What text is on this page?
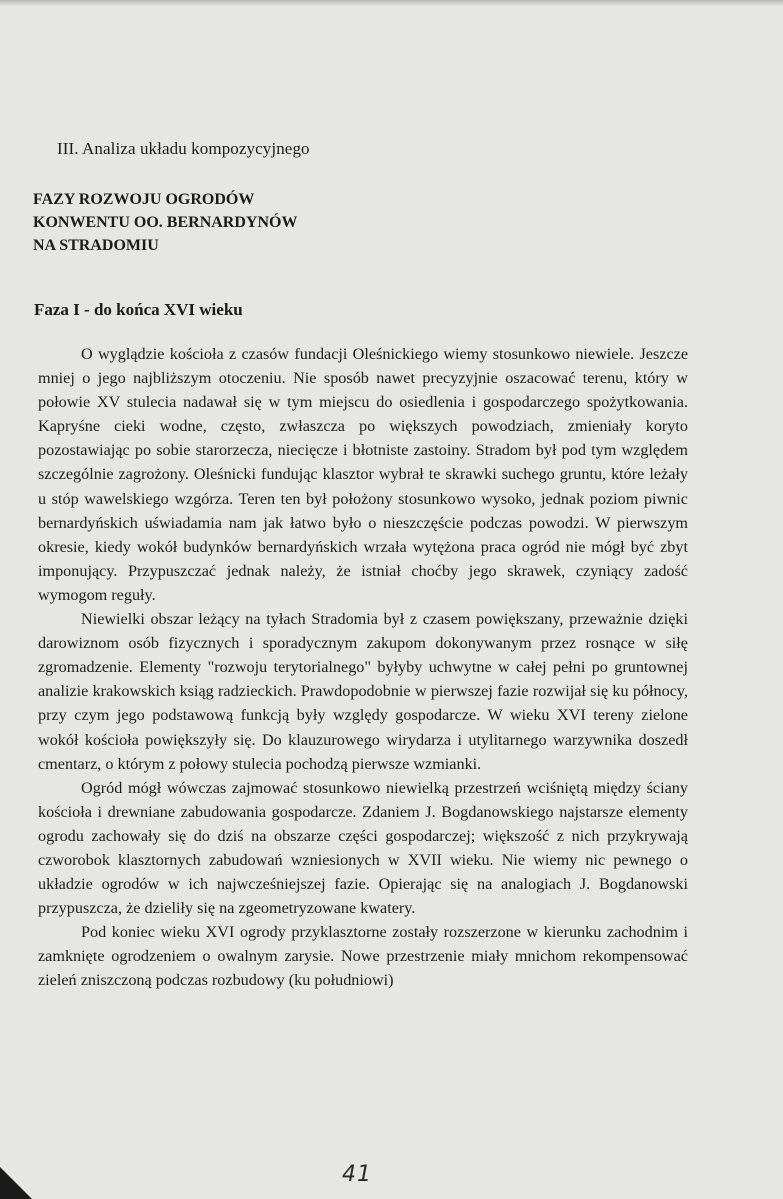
III. Analiza układu kompozycyjnego
FAZY ROZWOJU OGRODÓW
KONWENTU OO. BERNARDYNÓW
NA STRADOMIU
Faza I - do końca XVI wieku

O wyglądzie kościoła z czasów fundacji Oleśnickiego wiemy stosunkowo niewiele. Jeszcze mniej o jego najbliższym otoczeniu. Nie sposób nawet precyzyjnie oszacować terenu, który w połowie XV stulecia nadawał się w tym miejscu do osiedlenia i gospodarczego spożytkowania. Kapryśne cieki wodne, często, zwłaszcza po większych powodziach, zmieniały koryto pozostawiając po sobie starorzecza, niecięcze i błotniste zastoiny. Stradom był pod tym względem szczególnie zagrożony. Oleśnicki fundując klasztor wybrał te skrawki suchego gruntu, które leżały u stóp wawelskiego wzgórza. Teren ten był położony stosunkowo wysoko, jednak poziom piwnic bernardyńskich uświadamia nam jak łatwo było o nieszczęście podczas powodzi. W pierwszym okresie, kiedy wokół budynków bernardyńskich wrzała wytężona praca ogród nie mógł być zbyt imponujący. Przypuszczać jednak należy, że istniał choćby jego skrawek, czyniący zadość wymogom reguły.

Niewielki obszar leżący na tyłach Stradomia był z czasem powiększany, przeważnie dzięki darowiznom osób fizycznych i sporadycznym zakupom dokonywanym przez rosnące w siłę zgromadzenie. Elementy "rozwoju terytorialnego" byłyby uchwytne w całej pełni po gruntownej analizie krakowskich ksiąg radzieckich. Prawdopodobnie w pierwszej fazie rozwijał się ku północy, przy czym jego podstawową funkcją były względy gospodarcze. W wieku XVI tereny zielone wokół kościoła powiększyły się. Do klauzurowego wirydarza i utylitarnego warzywnika doszedł cmentarz, o którym z połowy stulecia pochodzą pierwsze wzmianki.

Ogród mógł wówczas zajmować stosunkowo niewielką przestrzeń wciśniętą między ściany kościoła i drewniane zabudowania gospodarcze. Zdaniem J. Bogdanowskiego najstarsze elementy ogrodu zachowały się do dziś na obszarze części gospodarczej; większość z nich przykrywają czworobok klasztornych zabudowań wzniesionych w XVII wieku. Nie wiemy nic pewnego o układzie ogrodów w ich najwcześniejszej fazie. Opierając się na analogiach J. Bogdanowski przypuszcza, że dzieliły się na zgeometryzowane kwatery.

Pod koniec wieku XVI ogrody przyklasztorne zostały rozszerzone w kierunku zachodnim i zamknięte ogrodzeniem o owalnym zarysie. Nowe przestrzenie miały mnichom rekompensować zieleń zniszczoną podczas rozbudowy (ku południowi)

41
